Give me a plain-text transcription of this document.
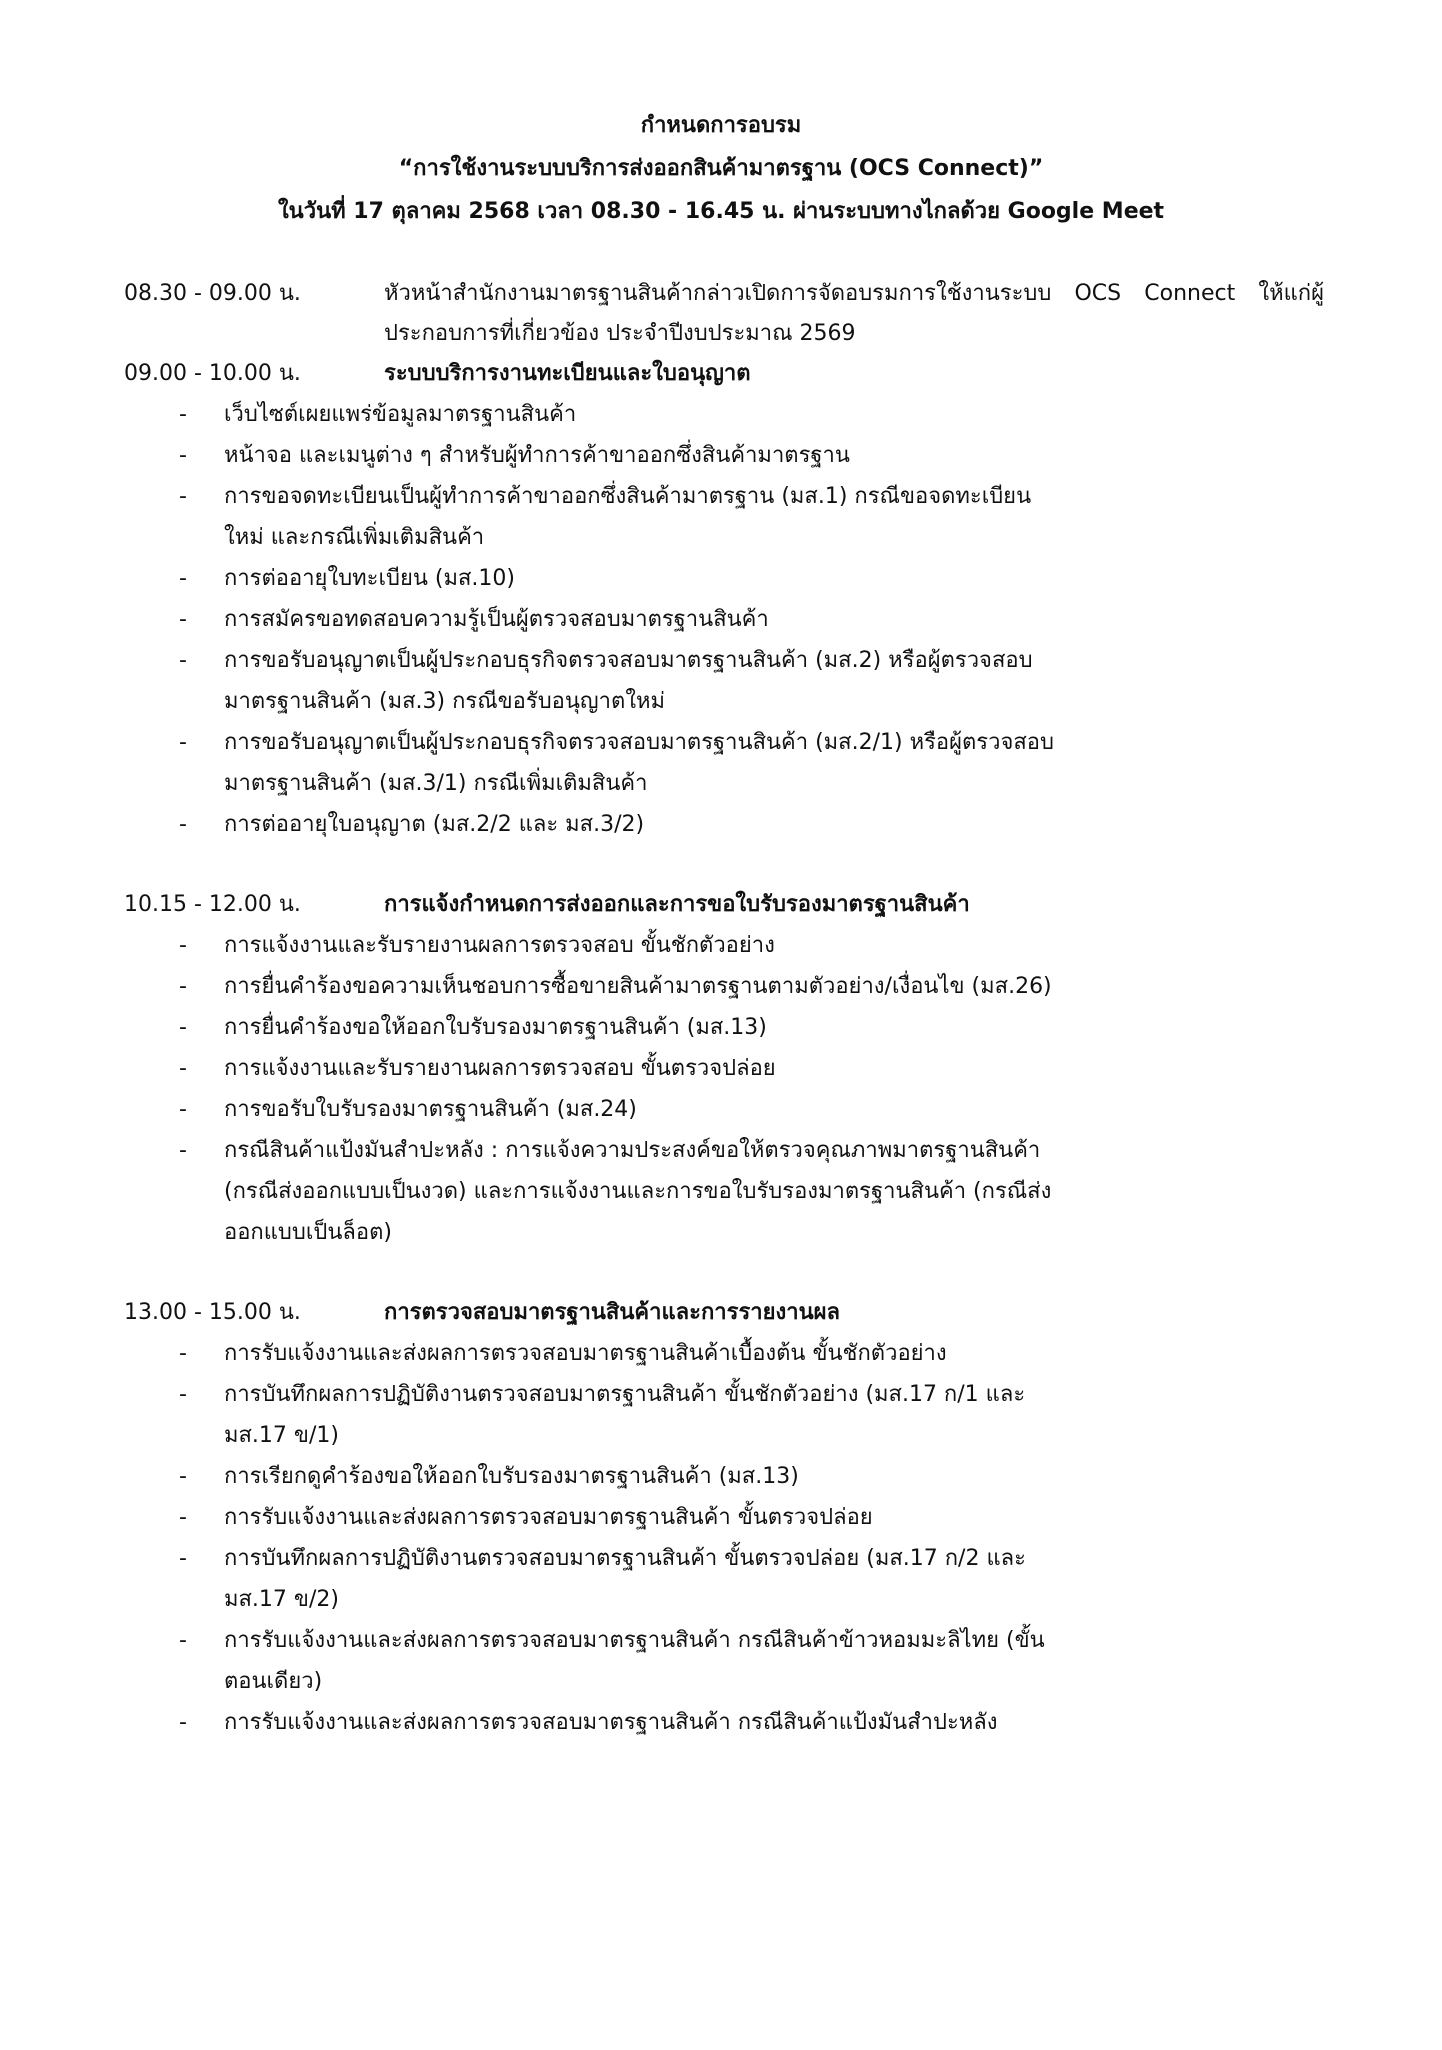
กำหนดการอบรม
“การใช้งานระบบบริการส่งออกสินค้ามาตรฐาน (OCS Connect)”
ในวันที่ 17 ตุลาคม 2568 เวลา 08.30 - 16.45 น. ผ่านระบบทางไกลด้วย Google Meet
08.30 - 09.00 น.	หัวหน้าสำนักงานมาตรฐานสินค้ากล่าวเปิดการจัดอบรมการใช้งานระบบ OCS Connect ให้แก่ผู้ประกอบการที่เกี่ยวข้อง ประจำปีงบประมาณ 2569
09.00 - 10.00 น.	ระบบบริการงานทะเบียนและใบอนุญาต
- เว็บไซต์เผยแพร่ข้อมูลมาตรฐานสินค้า
- หน้าจอ และเมนูต่าง ๆ สำหรับผู้ทำการค้าขาออกซึ่งสินค้ามาตรฐาน
- การขอจดทะเบียนเป็นผู้ทำการค้าขาออกซึ่งสินค้ามาตรฐาน (มส.1) กรณีขอจดทะเบียนใหม่ และกรณีเพิ่มเติมสินค้า
- การต่ออายุใบทะเบียน (มส.10)
- การสมัครขอทดสอบความรู้เป็นผู้ตรวจสอบมาตรฐานสินค้า
- การขอรับอนุญาตเป็นผู้ประกอบธุรกิจตรวจสอบมาตรฐานสินค้า (มส.2) หรือผู้ตรวจสอบมาตรฐานสินค้า (มส.3) กรณีขอรับอนุญาตใหม่
- การขอรับอนุญาตเป็นผู้ประกอบธุรกิจตรวจสอบมาตรฐานสินค้า (มส.2/1) หรือผู้ตรวจสอบมาตรฐานสินค้า (มส.3/1) กรณีเพิ่มเติมสินค้า
- การต่ออายุใบอนุญาต (มส.2/2 และ มส.3/2)
10.15 - 12.00 น.	การแจ้งกำหนดการส่งออกและการขอใบรับรองมาตรฐานสินค้า
- การแจ้งงานและรับรายงานผลการตรวจสอบ ขั้นชักตัวอย่าง
- การยื่นคำร้องขอความเห็นชอบการซื้อขายสินค้ามาตรฐานตามตัวอย่าง/เงื่อนไข (มส.26)
- การยื่นคำร้องขอให้ออกใบรับรองมาตรฐานสินค้า (มส.13)
- การแจ้งงานและรับรายงานผลการตรวจสอบ ขั้นตรวจปล่อย
- การขอรับใบรับรองมาตรฐานสินค้า (มส.24)
- กรณีสินค้าแป้งมันสำปะหลัง : การแจ้งความประสงค์ขอให้ตรวจคุณภาพมาตรฐานสินค้า (กรณีส่งออกแบบเป็นงวด) และการแจ้งงานและการขอใบรับรองมาตรฐานสินค้า (กรณีส่งออกแบบเป็นล็อต)
13.00 - 15.00 น.	การตรวจสอบมาตรฐานสินค้าและการรายงานผล
- การรับแจ้งงานและส่งผลการตรวจสอบมาตรฐานสินค้าเบื้องต้น ขั้นชักตัวอย่าง
- การบันทึกผลการปฏิบัติงานตรวจสอบมาตรฐานสินค้า ขั้นชักตัวอย่าง (มส.17 ก/1 และ มส.17 ข/1)
- การเรียกดูคำร้องขอให้ออกใบรับรองมาตรฐานสินค้า (มส.13)
- การรับแจ้งงานและส่งผลการตรวจสอบมาตรฐานสินค้า ขั้นตรวจปล่อย
- การบันทึกผลการปฏิบัติงานตรวจสอบมาตรฐานสินค้า ขั้นตรวจปล่อย (มส.17 ก/2 และ มส.17 ข/2)
- การรับแจ้งงานและส่งผลการตรวจสอบมาตรฐานสินค้า กรณีสินค้าข้าวหอมมะลิไทย (ขั้นตอนเดียว)
- การรับแจ้งงานและส่งผลการตรวจสอบมาตรฐานสินค้า กรณีสินค้าแป้งมันสำปะหลัง
